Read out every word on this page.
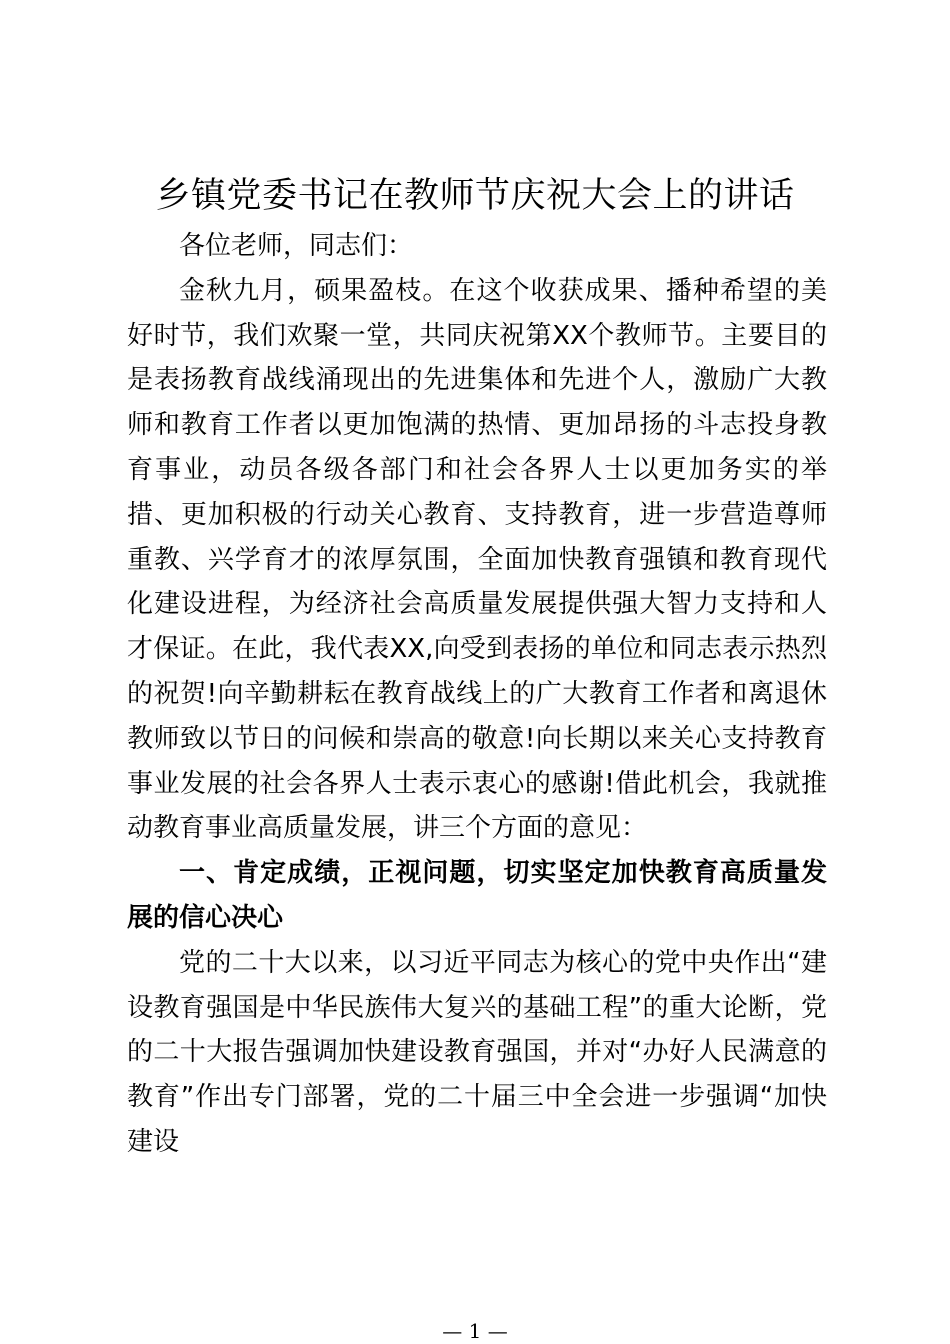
乡镇党委书记在教师节庆祝大会上的讲话

各位老师，同志们：

金秋九月，硕果盈枝。在这个收获成果、播种希望的美好时节，我们欢聚一堂，共同庆祝第XX个教师节。主要目的是表扬教育战线涌现出的先进集体和先进个人，激励广大教师和教育工作者以更加饱满的热情、更加昂扬的斗志投身教育事业，动员各级各部门和社会各界人士以更加务实的举措、更加积极的行动关心教育、支持教育，进一步营造尊师重教、兴学育才的浓厚氛围，全面加快教育强镇和教育现代化建设进程，为经济社会高质量发展提供强大智力支持和人才保证。在此，我代表XX,向受到表扬的单位和同志表示热烈的祝贺!向辛勤耕耘在教育战线上的广大教育工作者和离退休教师致以节日的问候和崇高的敬意!向长期以来关心支持教育事业发展的社会各界人士表示衷心的感谢!借此机会，我就推动教育事业高质量发展，讲三个方面的意见：

一、肯定成绩，正视问题，切实坚定加快教育高质量发展的信心决心

党的二十大以来，以习近平同志为核心的党中央作出“建设教育强国是中华民族伟大复兴的基础工程”的重大论断，党的二十大报告强调加快建设教育强国，并对“办好人民满意的教育”作出专门部署，党的二十届三中全会进一步强调“加快建设

— 1 —
